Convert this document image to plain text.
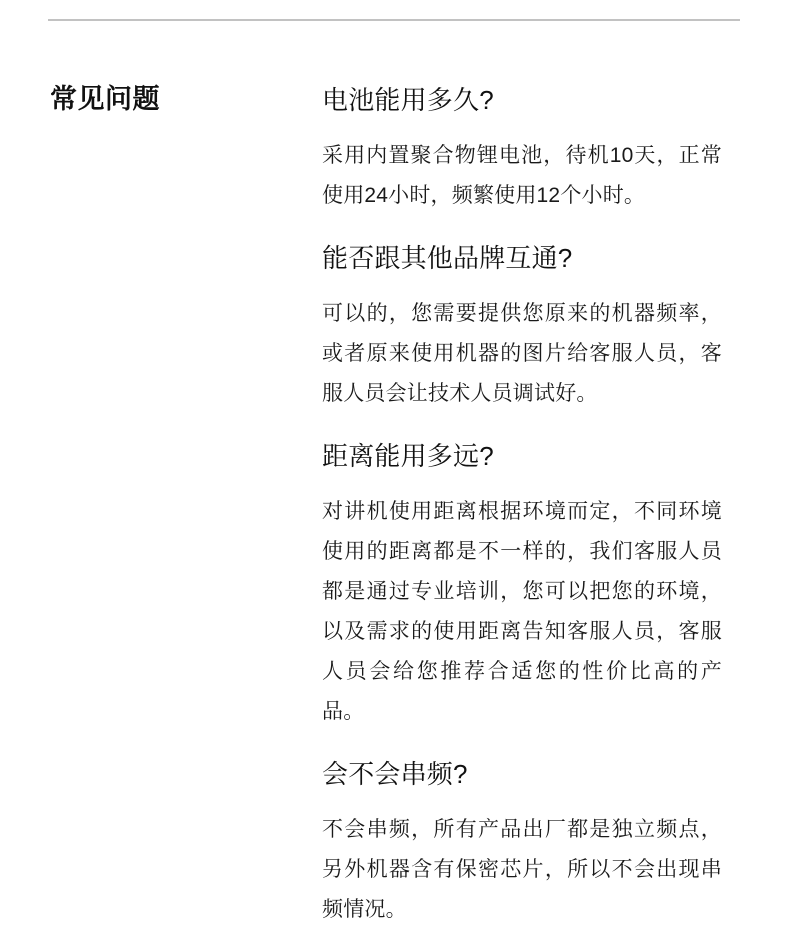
常见问题	电池能用多久?

采用内置聚合物锂电池，待机10天，正常使用24小时，频繁使用12个小时。

能否跟其他品牌互通?

可以的，您需要提供您原来的机器频率，或者原来使用机器的图片给客服人员，客服人员会让技术人员调试好。

距离能用多远?

对讲机使用距离根据环境而定，不同环境使用的距离都是不一样的，我们客服人员都是通过专业培训，您可以把您的环境，以及需求的使用距离告知客服人员，客服人员会给您推荐合适您的性价比高的产品。

会不会串频?

不会串频，所有产品出厂都是独立频点，另外机器含有保密芯片，所以不会出现串频情况。
